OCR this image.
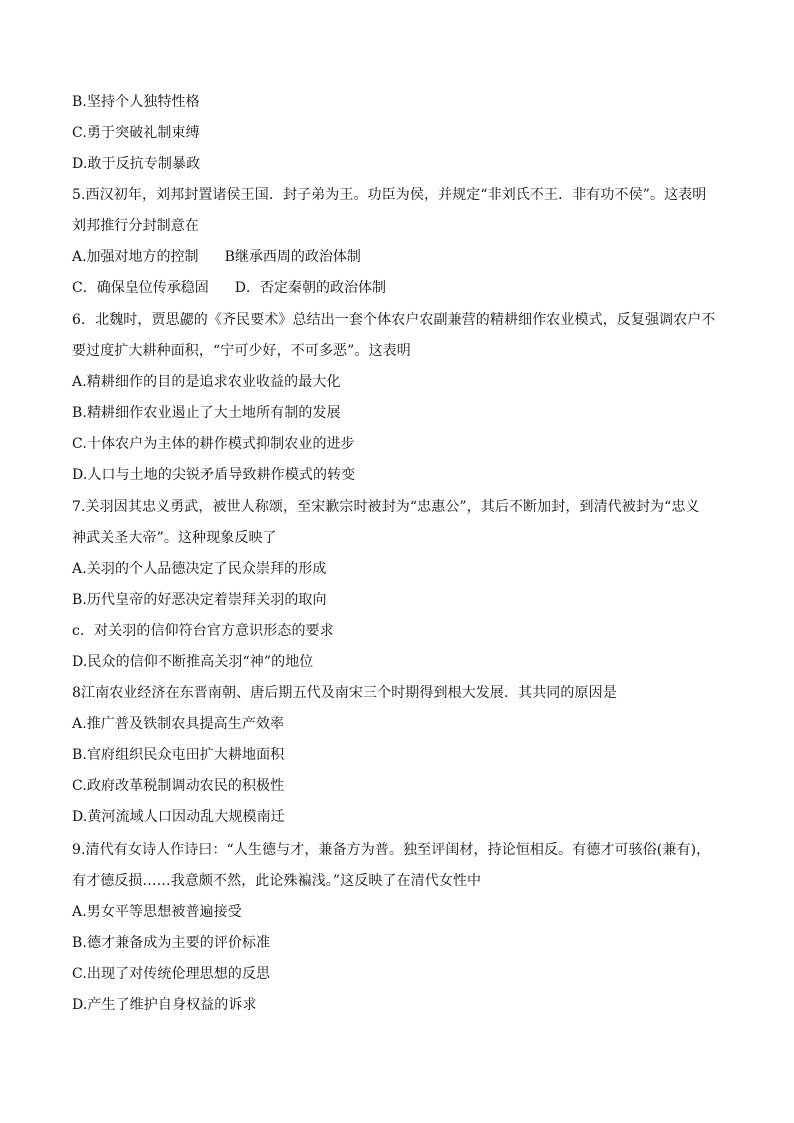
B.坚持个人独特性格
C.勇于突破礼制束缚
D.敢于反抗专制暴政
5.西汉初年，刘邦封置诸侯王国．封子弟为王。功臣为侯，并规定“非刘氏不王．非有功不侯”。这表明
刘邦推行分封制意在
A.加强对地方的控制 B继承西周的政治体制
C．确保皇位传承稳固 D．否定秦朝的政治体制
6．北魏时，贾思勰的《齐民要术》总结出一套个体农户农副兼营的精耕细作农业模式，反复强调农户不
要过度扩大耕种面积，“宁可少好，不可多恶”。这表明
A.精耕细作的目的是追求农业收益的最大化
B.精耕细作农业遏止了大土地所有制的发展
C.十体农户为主体的耕作模式抑制农业的进步
D.人口与土地的尖锐矛盾导致耕作模式的转变
7.关羽因其忠义勇武，被世人称颂，至宋歉宗时被封为“忠惠公”，其后不断加封，到清代被封为“忠义
神武关圣大帝”。这种现象反映了
A.关羽的个人品德决定了民众崇拜的形成
B.历代皇帝的好恶决定着崇拜关羽的取向
c．对关羽的信仰符台官方意识形态的要求
D.民众的信仰不断推高关羽“神”的地位
8江南农业经济在东晋南朝、唐后期五代及南宋三个时期得到根大发展．其共同的原因是
A.推广普及铁制农具提高生产效率
B.官府组织民众屯田扩大耕地面积
C.政府改革税制调动农民的积极性
D.黄河流域人口因动乱大规模南迁
9.清代有女诗人作诗曰：“人生德与才，兼备方为普。独至评闺材，持论恒相反。有德才可骇俗(兼有)，
有才德反损……我意颇不然，此论殊褊浅。”这反映了在清代女性中
A.男女平等思想被普遍接受
B.德才兼备成为主要的评价标准
C.出现了对传统伦理思想的反思
D.产生了维护自身权益的诉求
